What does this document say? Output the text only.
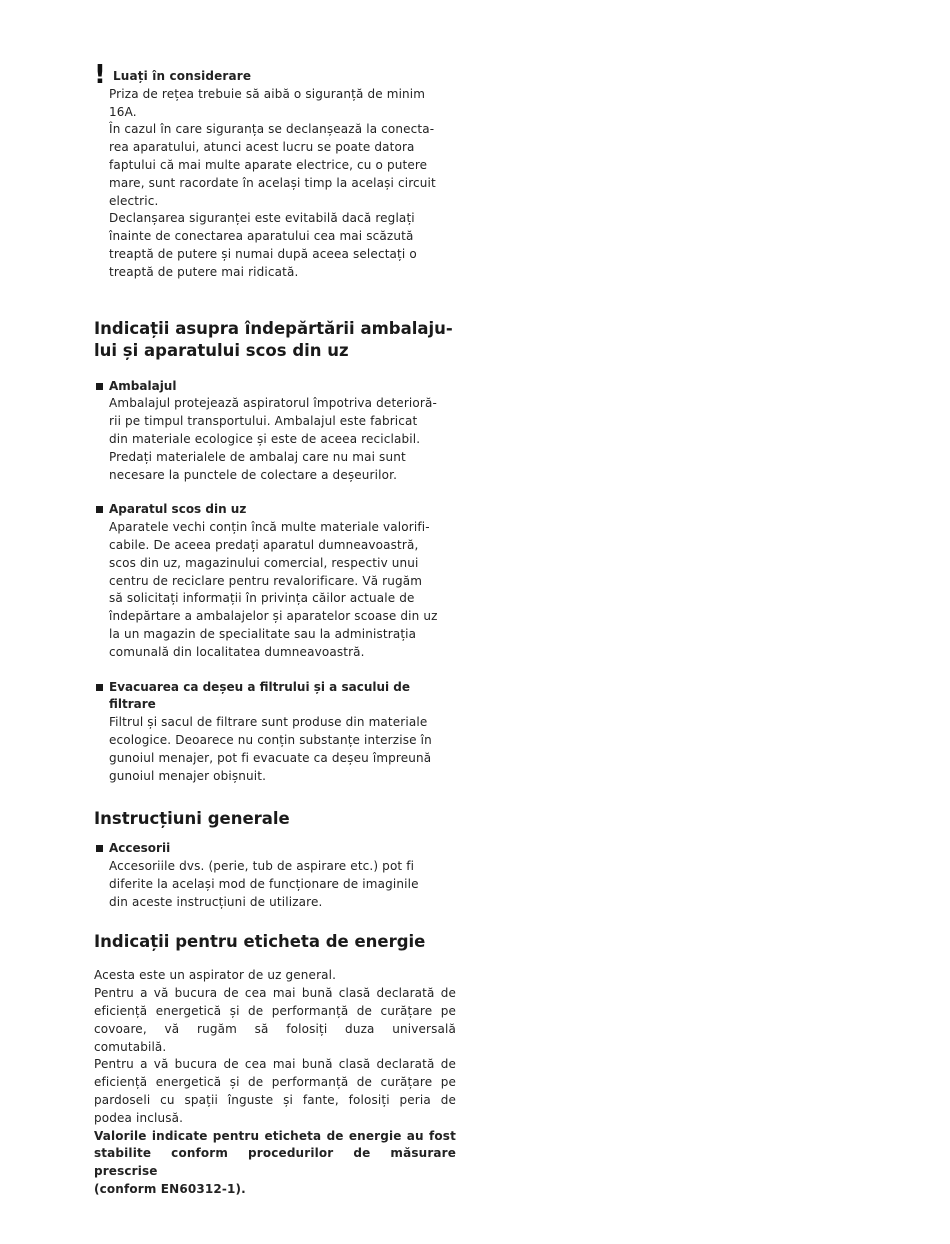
! Luați în considerare
Priza de rețea trebuie să aibă o siguranță de minim
16A.
În cazul în care siguranța se declanșează la conecta-
rea aparatului, atunci acest lucru se poate datora
faptului că mai multe aparate electrice, cu o putere
mare, sunt racordate în același timp la același circuit
electric.
Declanșarea siguranței este evitabilă dacă reglați
înainte de conectarea aparatului cea mai scăzută
treaptă de putere și numai după aceea selectați o
treaptă de putere mai ridicată.
Indicații asupra îndepărtării ambalaju-
lui și aparatului scos din uz
Ambalajul
Ambalajul protejează aspiratorul împotriva deterioră-
rii pe timpul transportului. Ambalajul este fabricat
din materiale ecologice și este de aceea reciclabil.
Predați materialele de ambalaj care nu mai sunt
necesare la punctele de colectare a deșeurilor.
Aparatul scos din uz
Aparatele vechi conțin încă multe materiale valorifi-
cabile. De aceea predați aparatul dumneavoastră,
scos din uz, magazinului comercial, respectiv unui
centru de reciclare pentru revalorificare. Vă rugăm
să solicitați informații în privința căilor actuale de
îndepărtare a ambalajelor și aparatelor scoase din uz
la un magazin de specialitate sau la administrația
comunală din localitatea dumneavoastră.
Evacuarea ca deșeu a filtrului și a sacului de
filtrare
Filtrul și sacul de filtrare sunt produse din materiale
ecologice. Deoarece nu conțin substanțe interzise în
gunoiul menajer, pot fi evacuate ca deșeu împreună
gunoiul menajer obișnuit.
Instrucțiuni generale
Accesorii
Accesoriile dvs. (perie, tub de aspirare etc.) pot fi
diferite la același mod de funcționare de imaginile
din aceste instrucțiuni de utilizare.
Indicații pentru eticheta de energie
Acesta este un aspirator de uz general.
Pentru a vă bucura de cea mai bună clasă declarată de
eficiență energetică și de performanță de curățare pe
covoare, vă rugăm să folosiți duza universală
comutabilă.
Pentru a vă bucura de cea mai bună clasă declarată de
eficiență energetică și de performanță de curățare pe
pardoseli cu spații înguste și fante, folosiți peria de
podea inclusă.
Valorile indicate pentru eticheta de energie au fost
stabilite conform procedurilor de măsurare prescrise
(conform EN60312-1).
